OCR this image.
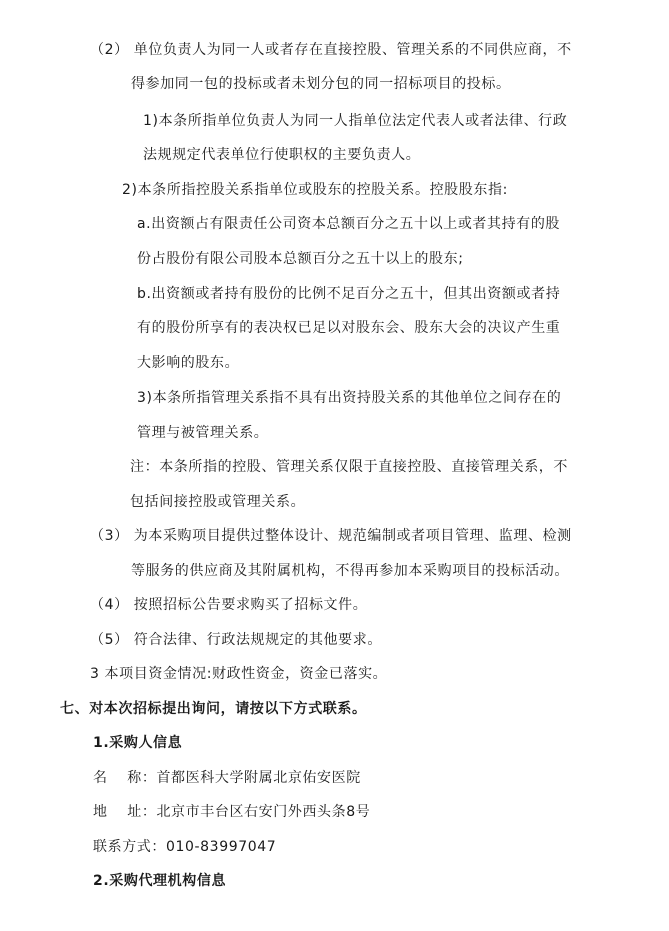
（2） 单位负责人为同一人或者存在直接控股、管理关系的不同供应商，不
得参加同一包的投标或者未划分包的同一招标项目的投标。
1)本条所指单位负责人为同一人指单位法定代表人或者法律、行政
法规规定代表单位行使职权的主要负责人。
2)本条所指控股关系指单位或股东的控股关系。控股股东指:
a.出资额占有限责任公司资本总额百分之五十以上或者其持有的股
份占股份有限公司股本总额百分之五十以上的股东;
b.出资额或者持有股份的比例不足百分之五十，但其出资额或者持
有的股份所享有的表决权已足以对股东会、股东大会的决议产生重
大影响的股东。
3)本条所指管理关系指不具有出资持股关系的其他单位之间存在的
管理与被管理关系。
注：本条所指的控股、管理关系仅限于直接控股、直接管理关系，不
包括间接控股或管理关系。
（3） 为本采购项目提供过整体设计、规范编制或者项目管理、监理、检测
等服务的供应商及其附属机构，不得再参加本采购项目的投标活动。
（4） 按照招标公告要求购买了招标文件。
（5） 符合法律、行政法规规定的其他要求。
3 本项目资金情况:财政性资金，资金已落实。
七、对本次招标提出询问，请按以下方式联系。
1.采购人信息
名　 称：首都医科大学附属北京佑安医院
地　 址：北京市丰台区右安门外西头条8号
联系方式：010-83997047
2.采购代理机构信息
